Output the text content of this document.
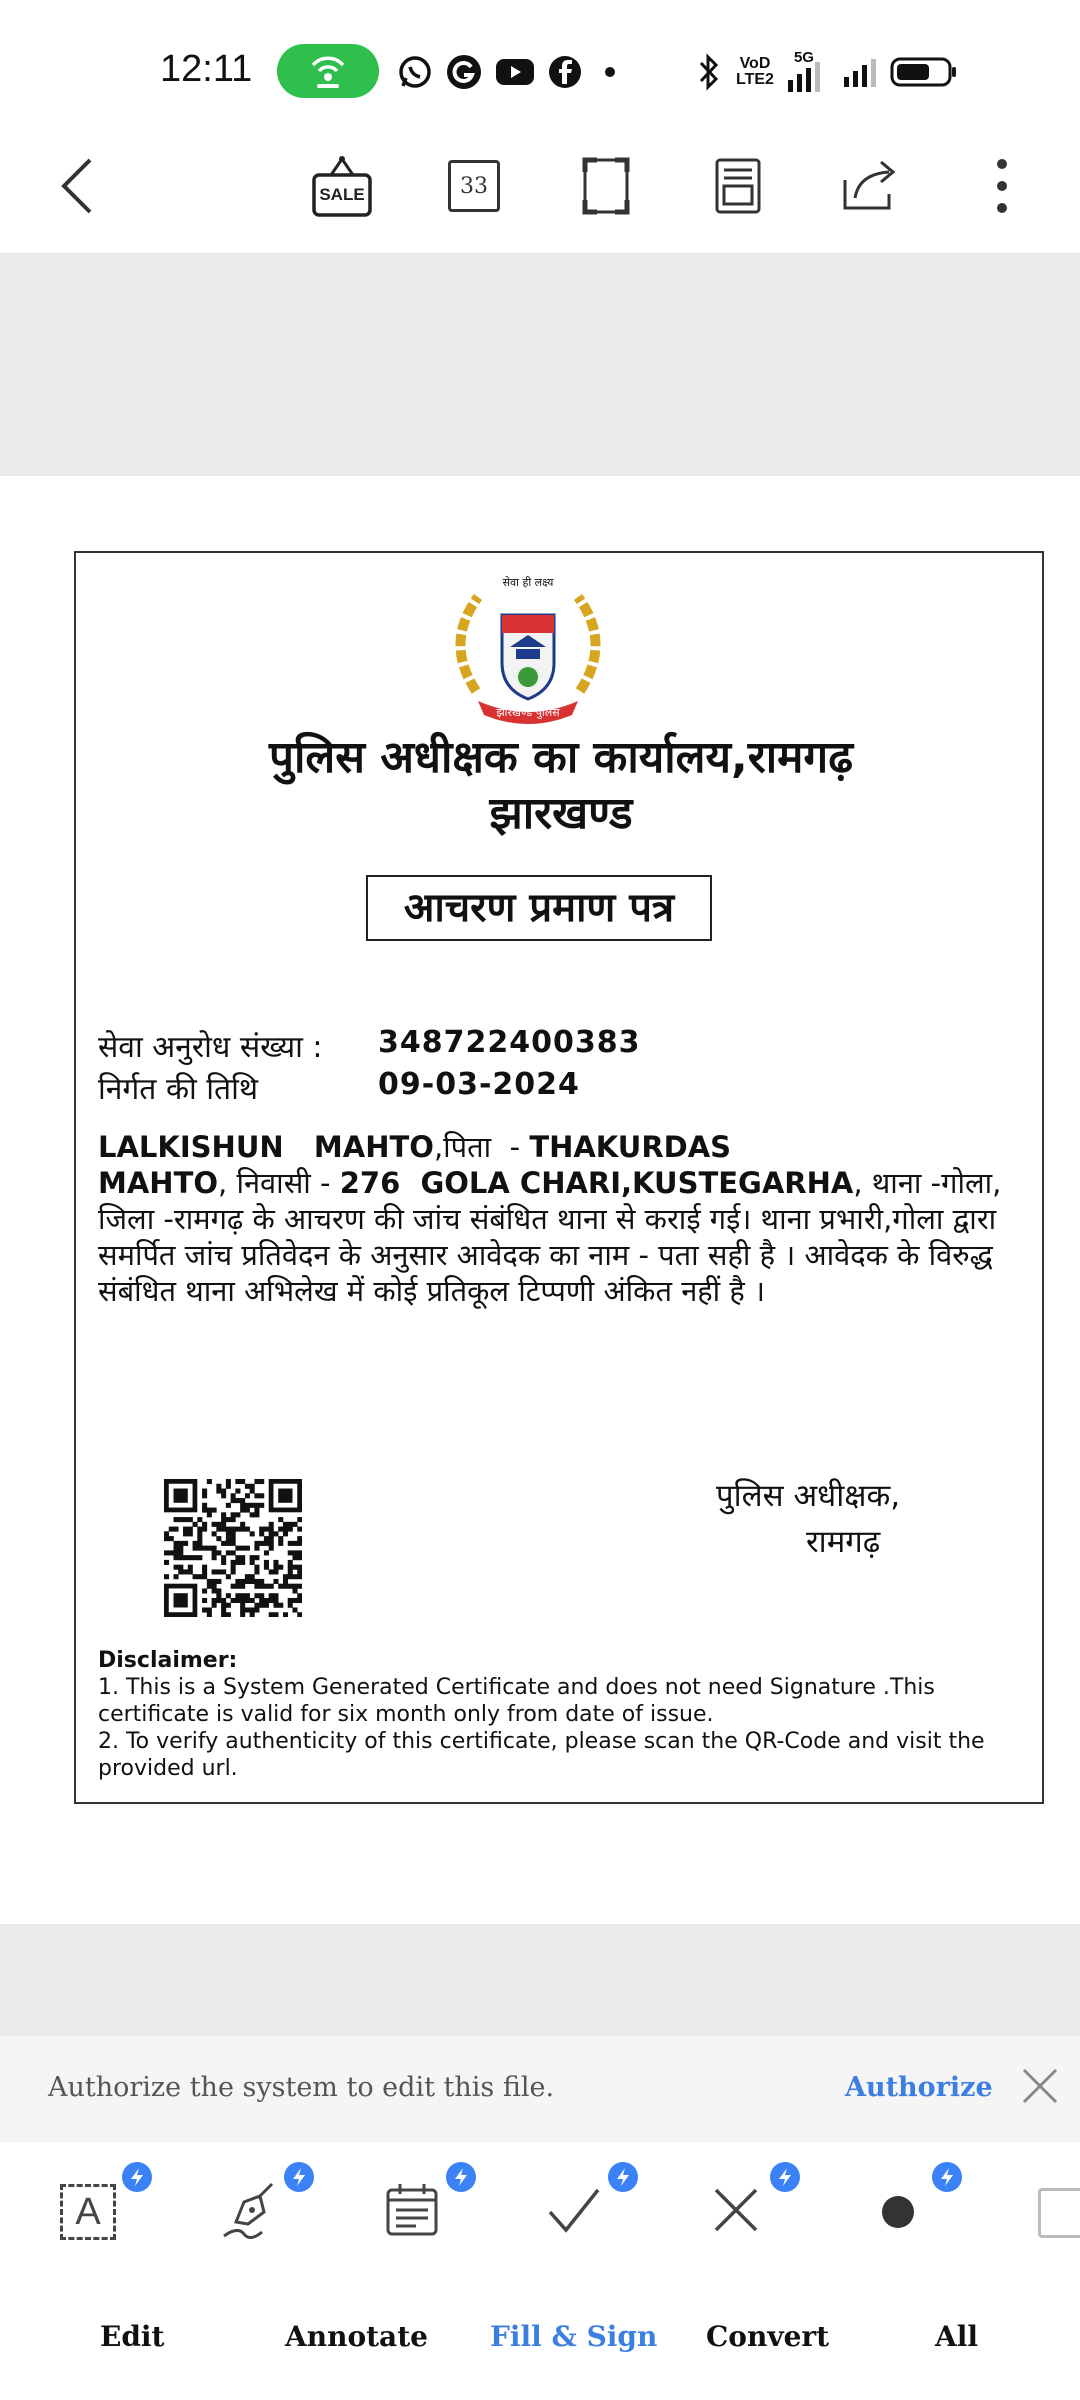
12:11	VoD
LTE2
5G
SALE	33
सेवा ही लक्ष्य
झारखण्ड पुलिस
पुलिस अधीक्षक का कार्यालय,रामगढ़
झारखण्ड
आचरण प्रमाण पत्र
सेवा अनुरोध संख्या : 348722400383
निर्गत की तिथि	09-03-2024
LALKISHUN   MAHTO,पिता  - THAKURDAS MAHTO, निवासी - 276  GOLA CHARI,KUSTEGARHA, थाना -गोला, जिला -रामगढ़ के आचरण की जांच संबंधित थाना से कराई गई। थाना प्रभारी,गोला द्वारा समर्पित जांच प्रतिवेदन के अनुसार आवेदक का नाम - पता सही है । आवेदक के विरुद्ध संबंधित थाना अभिलेख में कोई प्रतिकूल टिप्पणी अंकित नहीं है ।
पुलिस अधीक्षक,
रामगढ़
Disclaimer:
1. This is a System Generated Certificate and does not need Signature .This certificate is valid for six month only from date of issue.
2. To verify authenticity of this certificate, please scan the QR-Code and visit the provided url.
Authorize the system to edit this file.	Authorize
A
Edit	Annotate Fill & Sign Convert	All
